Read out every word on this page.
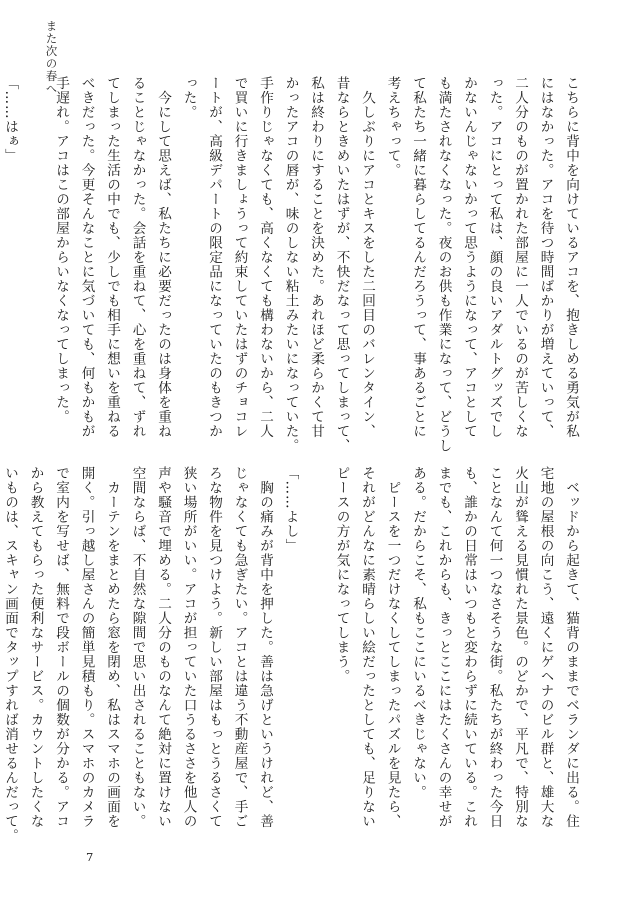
また次の春へ
こちらに背中を向けているアコを、抱きしめる勇気が私
にはなかった。アコを待つ時間ばかりが増えていって、
二人分のものが置かれた部屋に一人でいるのが苦しくな
った。アコにとって私は、顔の良いアダルトグッズでし
かないんじゃないかって思うようになって、アコとして
も満たされなくなった。夜のお供も作業になって、どうし
て私たち一緒に暮らしてるんだろうって、事あるごとに
考えちゃって。
　久しぶりにアコとキスをした二回目のバレンタイン、
昔ならときめいたはずが、不快だなって思ってしまって、
私は終わりにすることを決めた。あれほど柔らかくて甘
かったアコの唇が、味のしない粘土みたいになっていた。
手作りじゃなくても、高くなくても構わないから、二人
で買いに行きましょうって約束していたはずのチョコレ
ートが、高級デパートの限定品になっていたのもきつか
った。
　今にして思えば、私たちに必要だったのは身体を重ね
ることじゃなかった。会話を重ねて、心を重ねて、ずれ
てしまった生活の中でも、少しでも相手に想いを重ねる
べきだった。今更そんなことに気づいても、何もかもが
手遅れ。アコはこの部屋からいなくなってしまった。
「……はぁ」
　ベッドから起きて、猫背のままでベランダに出る。住
宅地の屋根の向こう、遠くにゲヘナのビル群と、雄大な
火山が聳える見慣れた景色。のどかで、平凡で、特別な
ことなんて何一つなさそうな街。私たちが終わった今日
も、誰かの日常はいつもと変わらずに続いている。これ
までも、これからも、きっとここにはたくさんの幸せが
ある。だからこそ、私もここにいるべきじゃない。
　ピースを一つだけなくしてしまったパズルを見たら、
それがどんなに素晴らしい絵だったとしても、足りない
ピースの方が気になってしまう。
「……よし」
　胸の痛みが背中を押した。善は急げというけれど、善
じゃなくても急ぎたい。アコとは違う不動産屋で、手ご
ろな物件を見つけよう。新しい部屋はもっとうるさくて
狭い場所がいい。アコが担っていた口うるささを他人の
声や騒音で埋める。二人分のものなんて絶対に置けない
空間ならば、不自然な隙間で思い出されることもない。
　カーテンをまとめたら窓を閉め、私はスマホの画面を
開く。引っ越し屋さんの簡単見積もり。スマホのカメラ
で室内を写せば、無料で段ボールの個数が分かる。アコ
から教えてもらった便利なサービス。カウントしたくな
いものは、スキャン画面でタップすれば消せるんだって。
7
